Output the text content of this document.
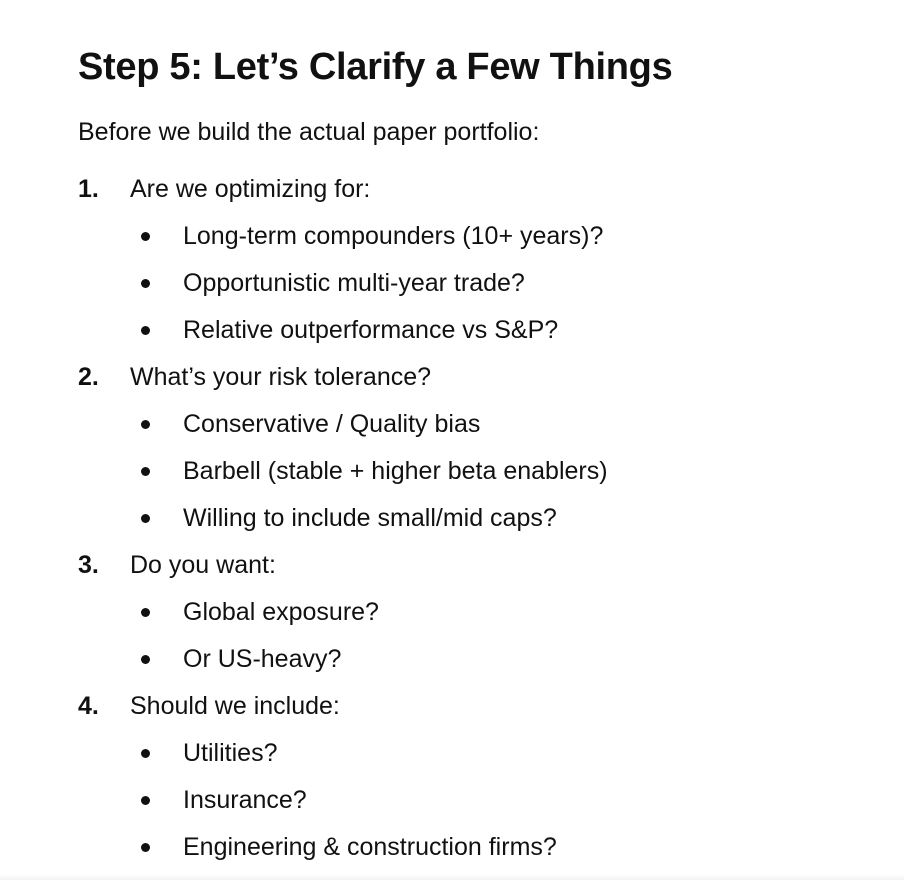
Step 5: Let’s Clarify a Few Things
Before we build the actual paper portfolio:
1.	Are we optimizing for:
Long-term compounders (10+ years)?
Opportunistic multi-year trade?
Relative outperformance vs S&P?
2.	What’s your risk tolerance?
Conservative / Quality bias
Barbell (stable + higher beta enablers)
Willing to include small/mid caps?
3.	Do you want:
Global exposure?
Or US-heavy?
4.	Should we include:
Utilities?
Insurance?
Engineering & construction firms?
